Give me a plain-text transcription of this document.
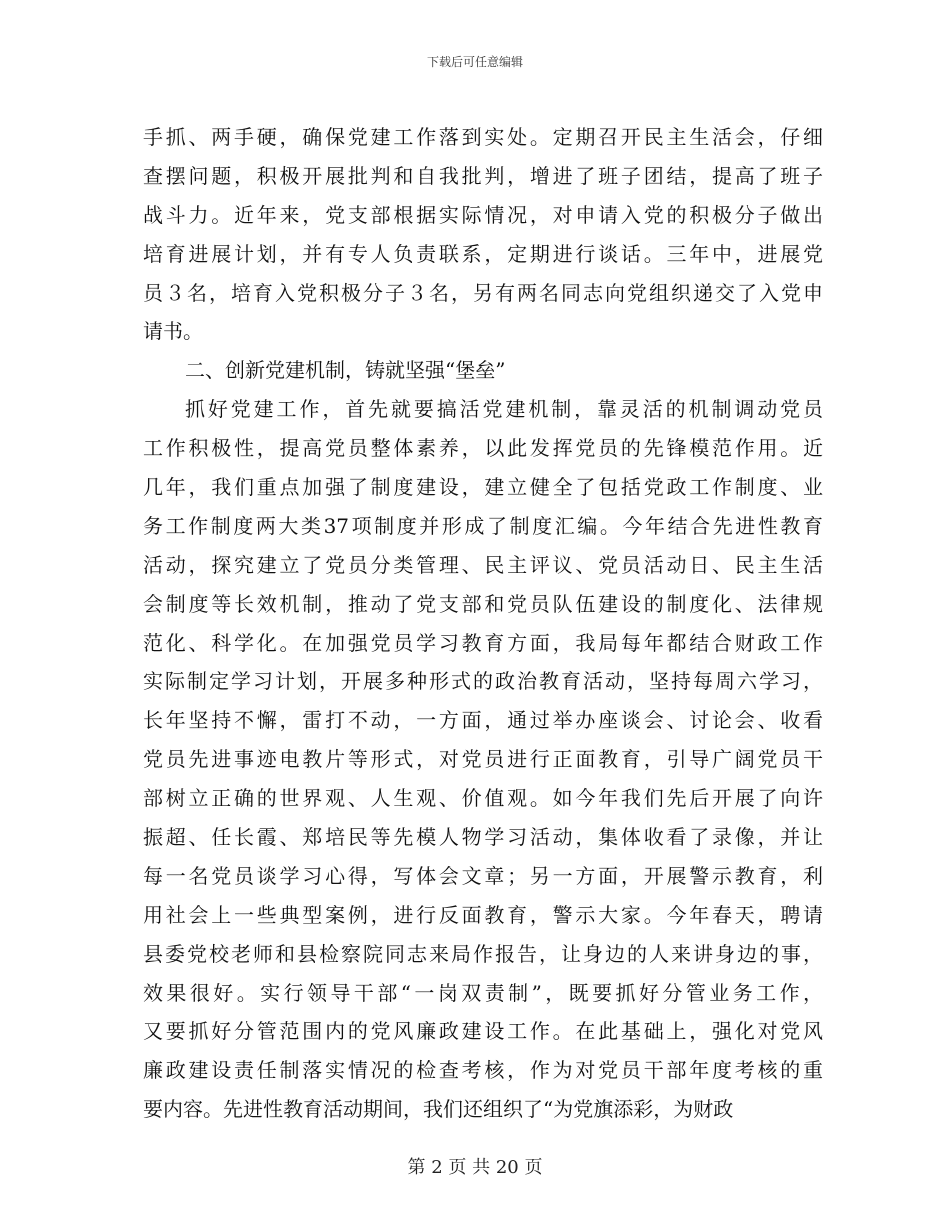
下载后可任意编辑
手抓、两手硬，确保党建工作落到实处。定期召开民主生活会，仔细
查摆问题，积极开展批判和自我批判，增进了班子团结，提高了班子
战斗力。近年来，党支部根据实际情况，对申请入党的积极分子做出
培育进展计划，并有专人负责联系，定期进行谈话。三年中，进展党
员３名，培育入党积极分子３名，另有两名同志向党组织递交了入党申
请书。
二、创新党建机制，铸就坚强“堡垒”
抓好党建工作，首先就要搞活党建机制，靠灵活的机制调动党员
工作积极性，提高党员整体素养，以此发挥党员的先锋模范作用。近
几年，我们重点加强了制度建设，建立健全了包括党政工作制度、业
务工作制度两大类37项制度并形成了制度汇编。今年结合先进性教育
活动，探究建立了党员分类管理、民主评议、党员活动日、民主生活
会制度等长效机制，推动了党支部和党员队伍建设的制度化、法律规
范化、科学化。在加强党员学习教育方面，我局每年都结合财政工作
实际制定学习计划，开展多种形式的政治教育活动，坚持每周六学习，
长年坚持不懈，雷打不动，一方面，通过举办座谈会、讨论会、收看
党员先进事迹电教片等形式，对党员进行正面教育，引导广阔党员干
部树立正确的世界观、人生观、价值观。如今年我们先后开展了向许
振超、任长霞、郑培民等先模人物学习活动，集体收看了录像，并让
每一名党员谈学习心得，写体会文章；另一方面，开展警示教育，利
用社会上一些典型案例，进行反面教育，警示大家。今年春天，聘请
县委党校老师和县检察院同志来局作报告，让身边的人来讲身边的事，
效果很好。实行领导干部“一岗双责制”，既要抓好分管业务工作，
又要抓好分管范围内的党风廉政建设工作。在此基础上，强化对党风
廉政建设责任制落实情况的检查考核，作为对党员干部年度考核的重
要内容。先进性教育活动期间，我们还组织了“为党旗添彩，为财政
第 2 页 共 20 页
